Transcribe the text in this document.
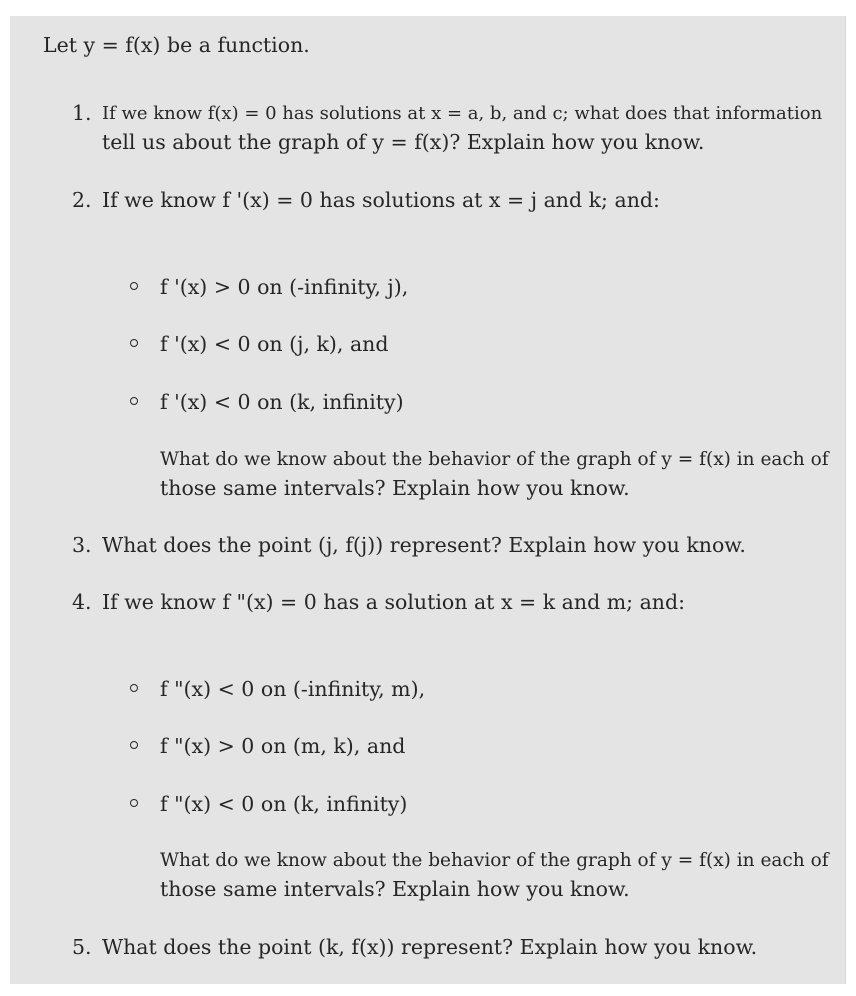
Let y = f(x) be a function.
1. If we know f(x) = 0 has solutions at x = a, b, and c; what does that information
tell us about the graph of y = f(x)? Explain how you know.
2. If we know f '(x) = 0 has solutions at x = j and k; and:
f '(x) > 0 on (-infinity, j),
f '(x) < 0 on (j, k), and
f '(x) < 0 on (k, infinity)
What do we know about the behavior of the graph of y = f(x) in each of
those same intervals? Explain how you know.
3. What does the point (j, f(j)) represent? Explain how you know.
4. If we know f "(x) = 0 has a solution at x = k and m; and:
f "(x) < 0 on (-infinity, m),
f "(x) > 0 on (m, k), and
f "(x) < 0 on (k, infinity)
What do we know about the behavior of the graph of y = f(x) in each of
those same intervals? Explain how you know.
5. What does the point (k, f(x)) represent? Explain how you know.
